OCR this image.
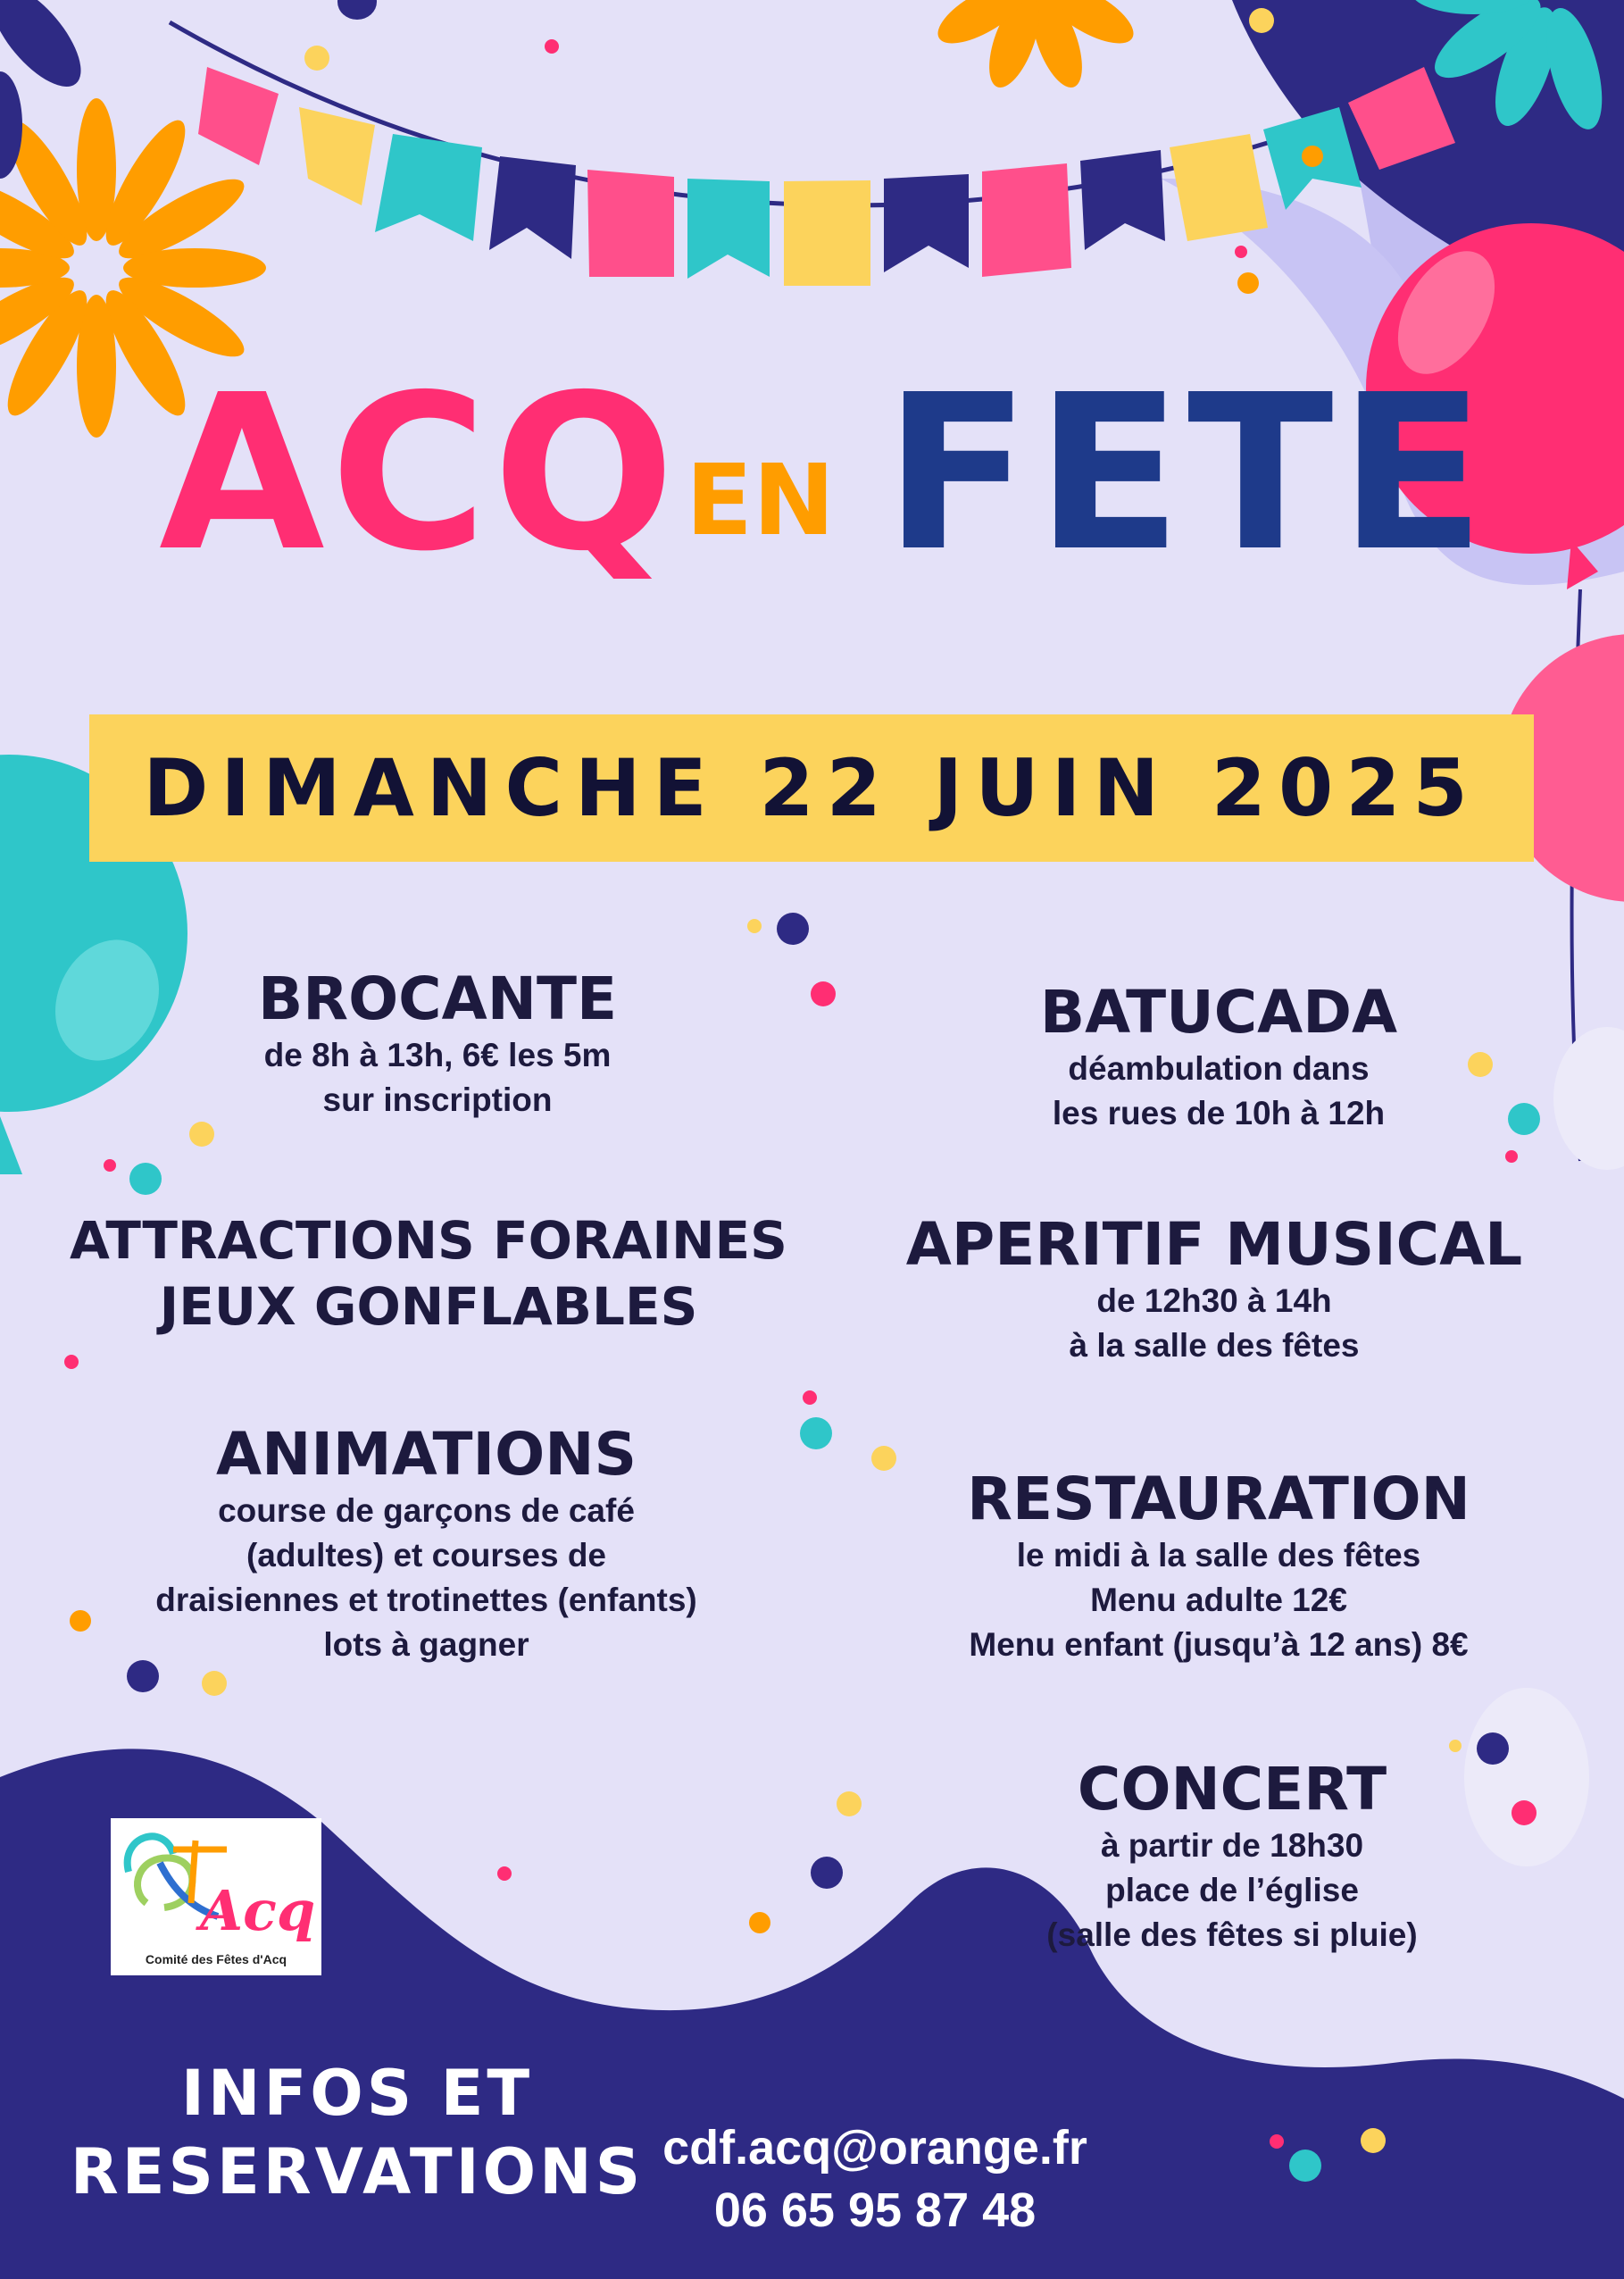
ACQ EN FETE
DIMANCHE 22 JUIN 2025
BROCANTE
de 8h à 13h, 6€ les 5m
sur inscription
ATTRACTIONS FORAINES
JEUX GONFLABLES
ANIMATIONS
course de garçons de café
(adultes) et courses de
draisiennes et trotinettes (enfants)
lots à gagner
BATUCADA
déambulation dans
les rues de 10h à 12h
APERITIF MUSICAL
de 12h30 à 14h
à la salle des fêtes
RESTAURATION
le midi à la salle des fêtes
Menu adulte 12€
Menu enfant (jusqu’à 12 ans) 8€
CONCERT
à partir de 18h30
place de l’église
(salle des fêtes si pluie)
Acq
Comité des Fêtes d'Acq
INFOS ET
RESERVATIONS cdf.acq@orange.fr
06 65 95 87 48
